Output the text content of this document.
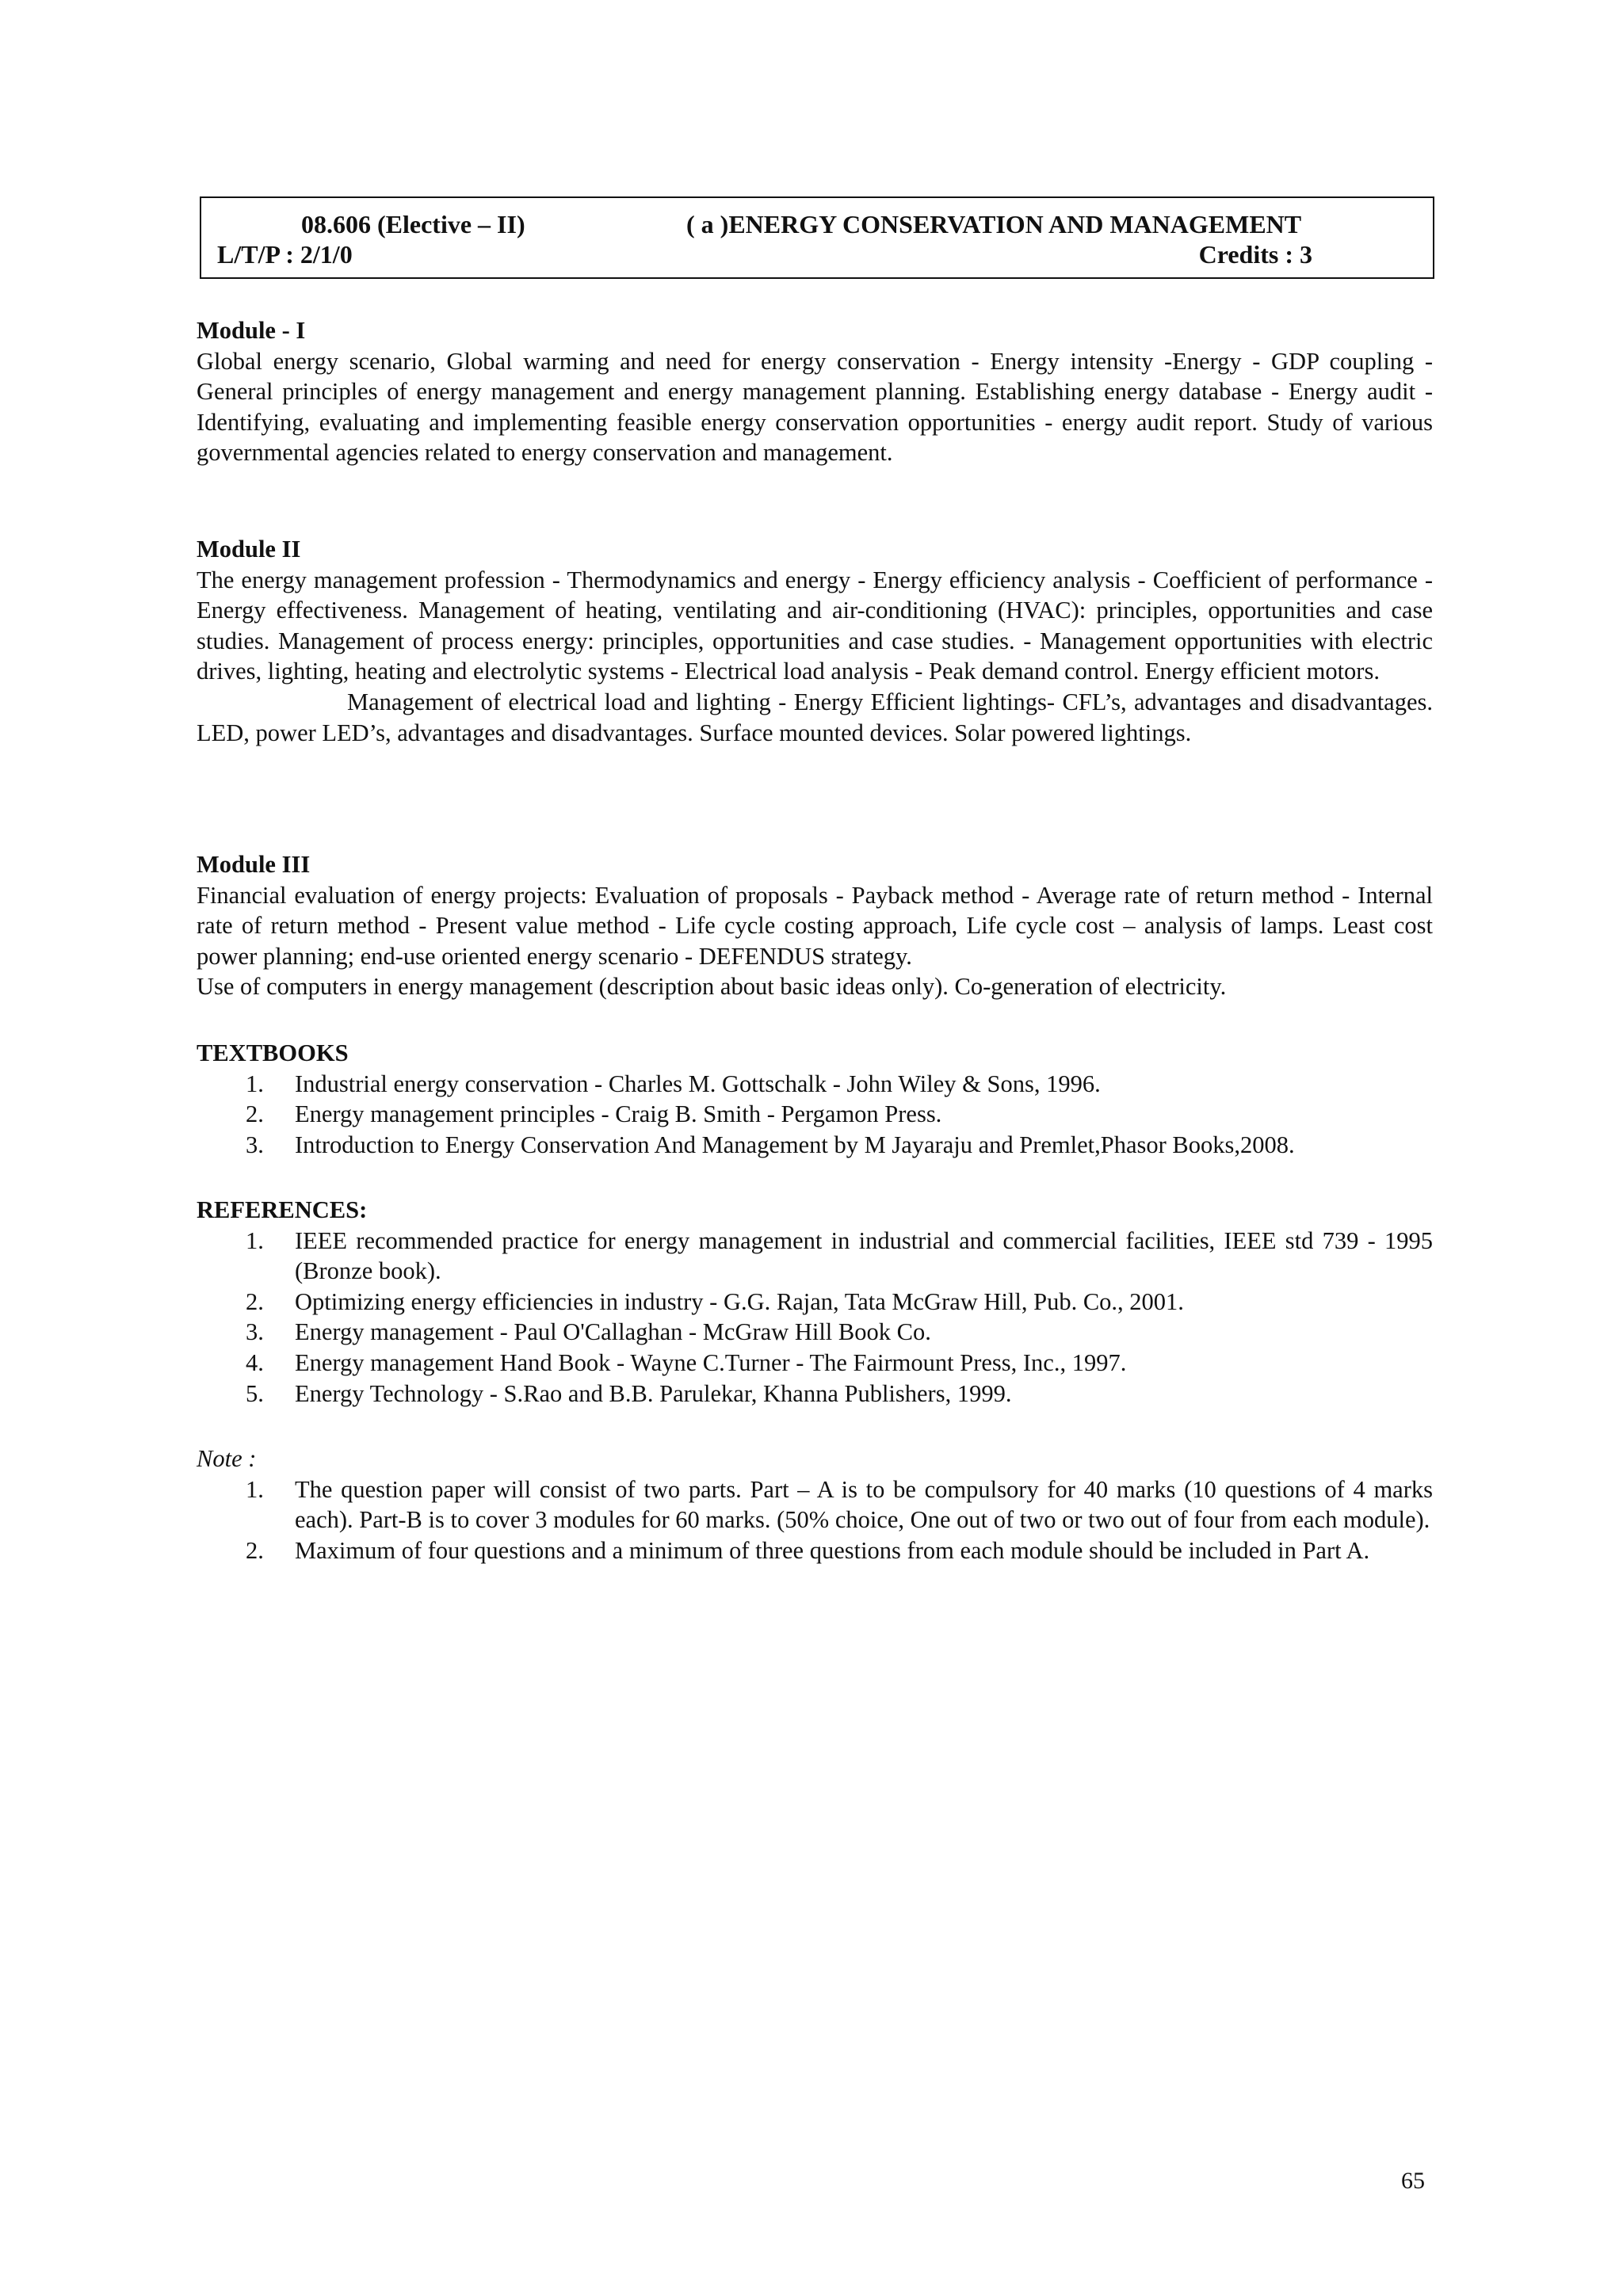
08.606 (Elective – II)	( a )ENERGY CONSERVATION AND MANAGEMENT
L/T/P : 2/1/0	Credits : 3

Module - I

Global energy scenario, Global warming and need for energy conservation - Energy intensity -Energy - GDP coupling - General principles of energy management and energy management planning. Establishing energy database - Energy audit - Identifying, evaluating and implementing feasible energy conservation opportunities - energy audit report. Study of various governmental agencies related to energy conservation and management.

Module II

The energy management profession - Thermodynamics and energy - Energy efficiency analysis - Coefficient of performance - Energy effectiveness. Management of heating, ventilating and air-conditioning (HVAC): principles, opportunities and case studies. Management of process energy: principles, opportunities and case studies. - Management opportunities with electric drives, lighting, heating and electrolytic systems - Electrical load analysis - Peak demand control. Energy efficient motors.

Management of electrical load and lighting - Energy Efficient lightings- CFL’s, advantages and disadvantages. LED, power LED’s, advantages and disadvantages. Surface mounted devices. Solar powered lightings.

Module III

Financial evaluation of energy projects: Evaluation of proposals - Payback method - Average rate of return method - Internal rate of return method - Present value method - Life cycle costing approach, Life cycle cost – analysis of lamps. Least cost power planning; end-use oriented energy scenario - DEFENDUS strategy.

Use of computers in energy management (description about basic ideas only). Co-generation of electricity.

TEXTBOOKS

1. Industrial energy conservation - Charles M. Gottschalk - John Wiley & Sons, 1996.
2. Energy management principles - Craig B. Smith - Pergamon Press.
3. Introduction to Energy Conservation And Management by M Jayaraju and Premlet,Phasor Books,2008.

REFERENCES:

1. IEEE recommended practice for energy management in industrial and commercial facilities, IEEE std 739 - 1995 (Bronze book).
2. Optimizing energy efficiencies in industry - G.G. Rajan, Tata McGraw Hill, Pub. Co., 2001.
3. Energy management - Paul O'Callaghan - McGraw Hill Book Co.
4. Energy management Hand Book - Wayne C.Turner - The Fairmount Press, Inc., 1997.
5. Energy Technology - S.Rao and B.B. Parulekar, Khanna Publishers, 1999.

Note :

1. The question paper will consist of two parts. Part – A is to be compulsory for 40 marks (10 questions of 4 marks each). Part-B is to cover 3 modules for 60 marks. (50% choice, One out of two or two out of four from each module).
2. Maximum of four questions and a minimum of three questions from each module should be included in Part A.
65
